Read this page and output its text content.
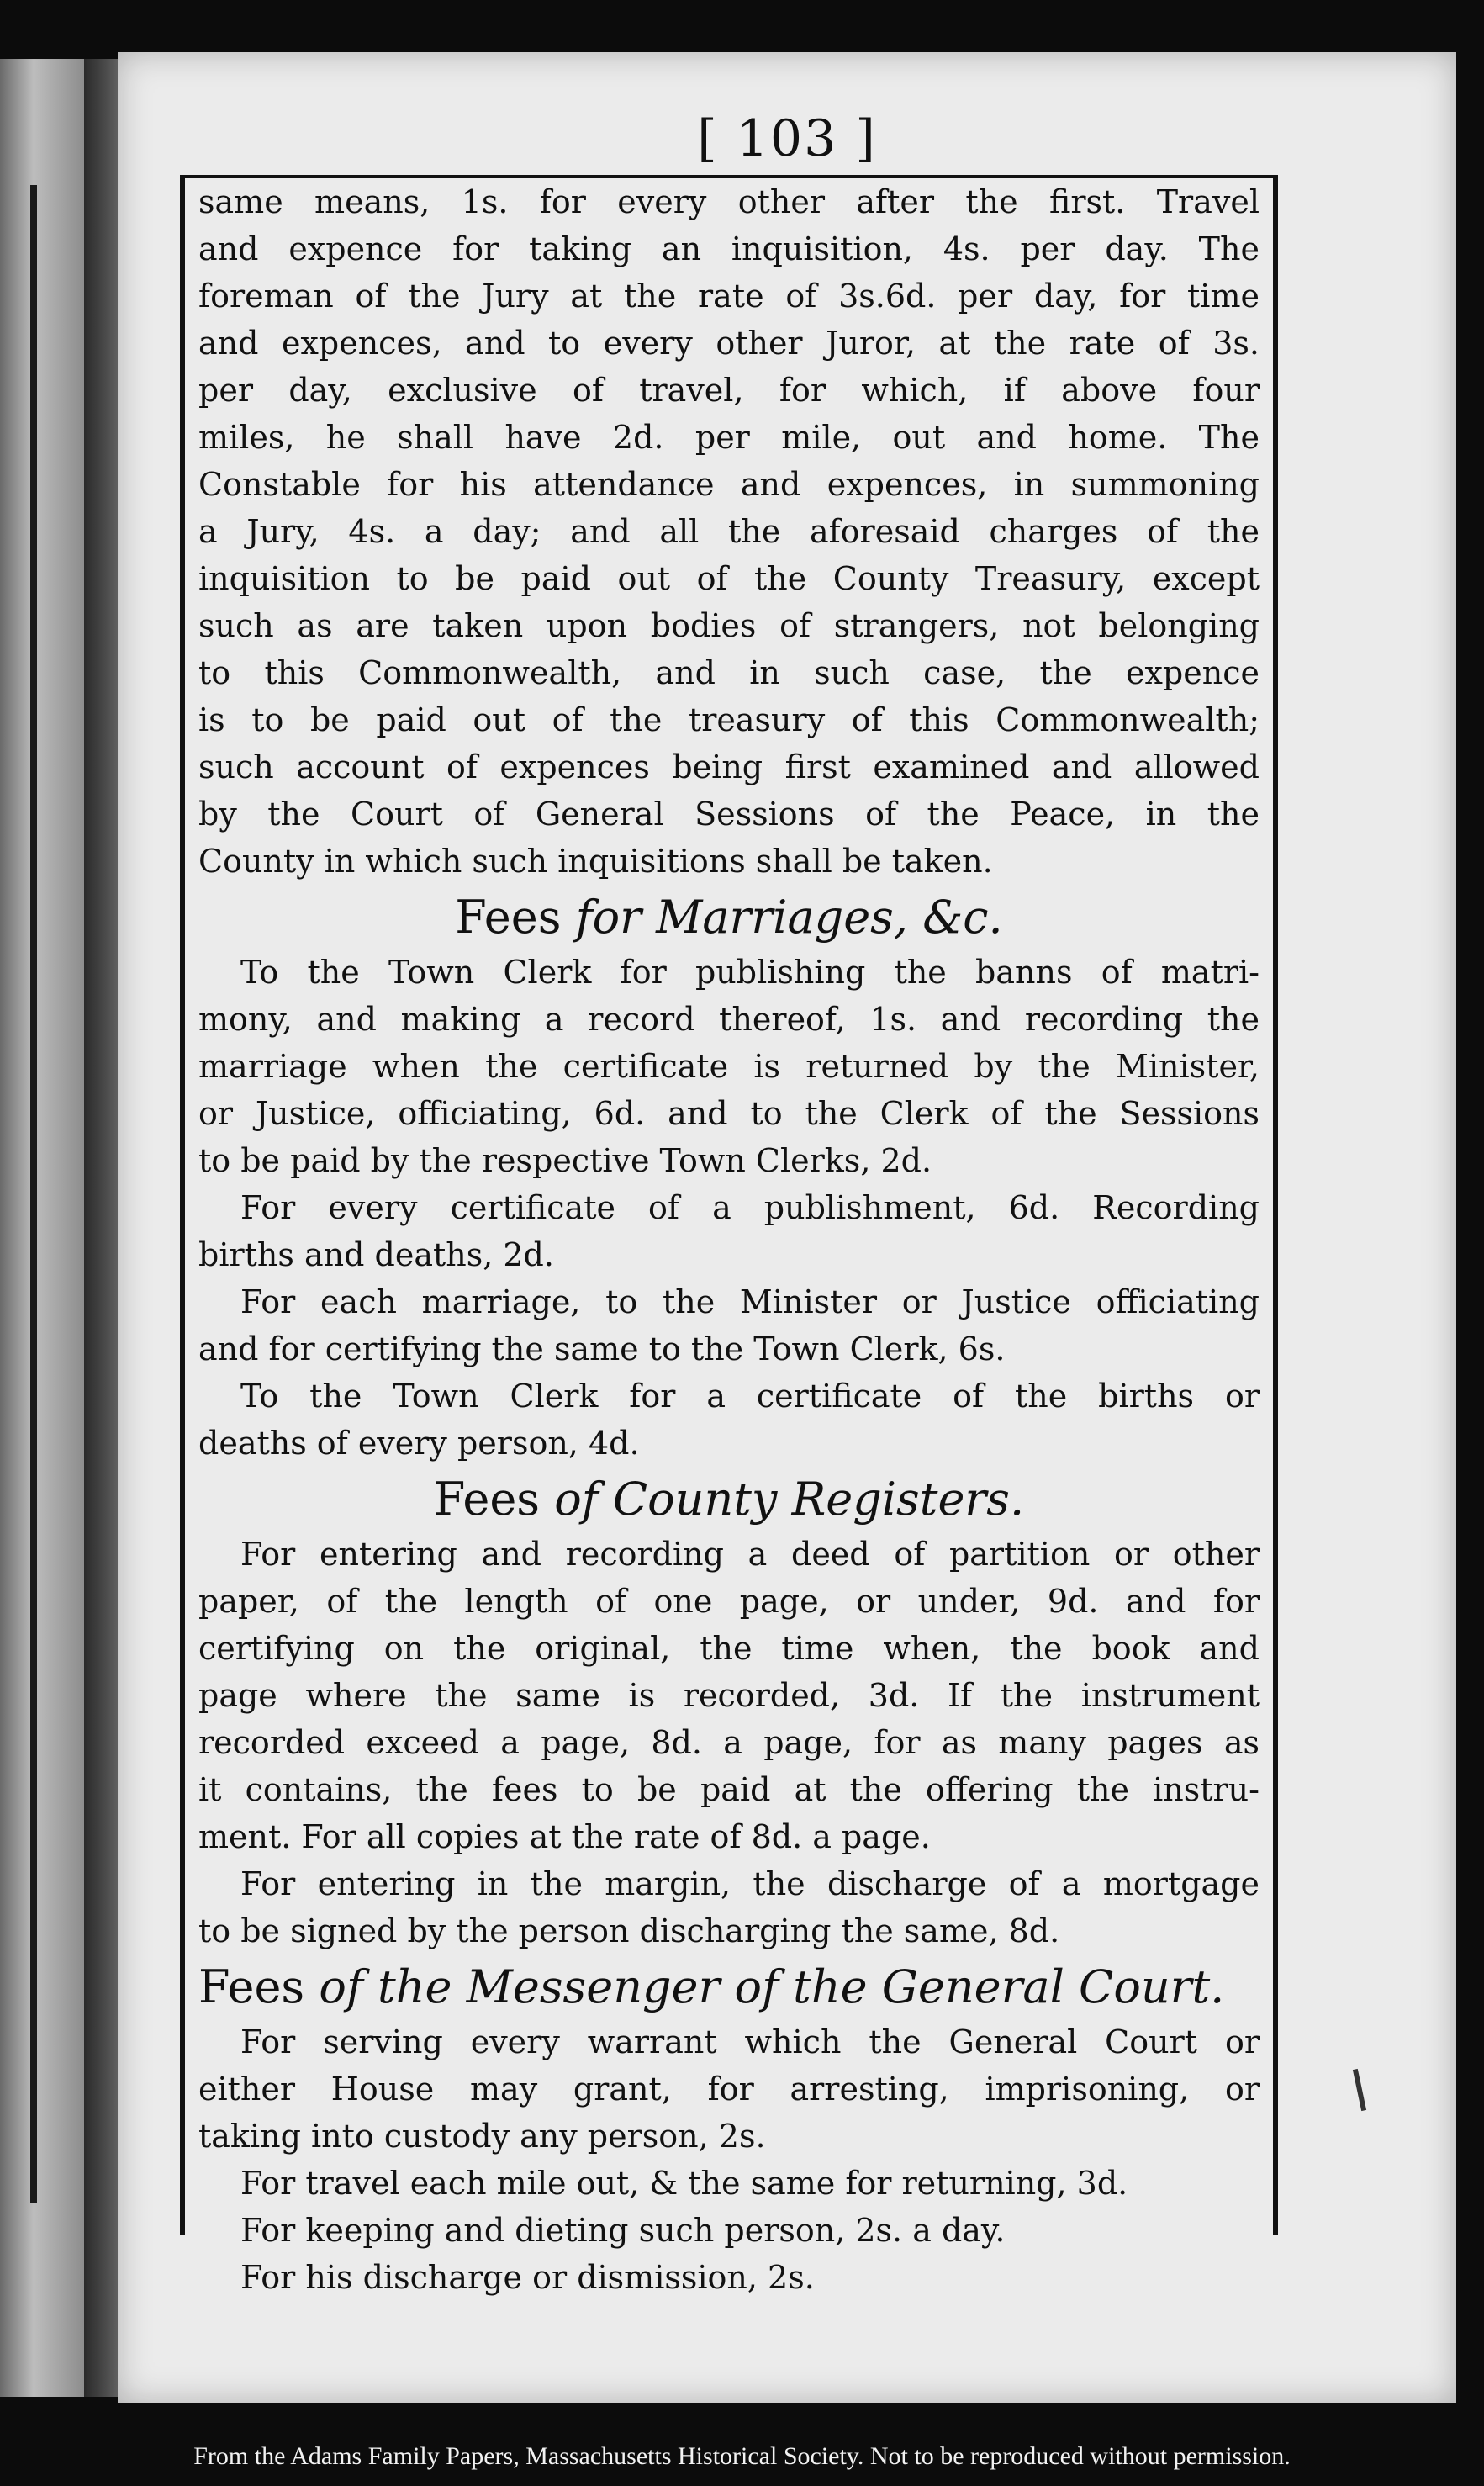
[ 103 ]

same means, 1s. for every other after the first. Travel

and expence for taking an inquisition, 4s. per day. The

foreman of the Jury at the rate of 3s.6d. per day, for time

and expences, and to every other Juror, at the rate of 3s.

per day, exclusive of travel, for which, if above four

miles, he shall have 2d. per mile, out and home. The

Constable for his attendance and expences, in summoning

a Jury, 4s. a day; and all the aforesaid charges of the

inquisition to be paid out of the County Treasury, except

such as are taken upon bodies of strangers, not belonging

to this Commonwealth, and in such case, the expence

is to be paid out of the treasury of this Commonwealth;

such account of expences being first examined and allowed

by the Court of General Sessions of the Peace, in the

County in which such inquisitions shall be taken.

Fees for Marriages, &c.

To the Town Clerk for publishing the banns of matri-

mony, and making a record thereof, 1s. and recording the

marriage when the certificate is returned by the Minister,

or Justice, officiating, 6d. and to the Clerk of the Sessions

to be paid by the respective Town Clerks, 2d.

For every certificate of a publishment, 6d. Recording

births and deaths, 2d.

For each marriage, to the Minister or Justice officiating

and for certifying the same to the Town Clerk, 6s.

To the Town Clerk for a certificate of the births or

deaths of every person, 4d.

Fees of County Registers.

For entering and recording a deed of partition or other

paper, of the length of one page, or under, 9d. and for

certifying on the original, the time when, the book and

page where the same is recorded, 3d. If the instrument

recorded exceed a page, 8d. a page, for as many pages as

it contains, the fees to be paid at the offering the instru-

ment. For all copies at the rate of 8d. a page.

For entering in the margin, the discharge of a mortgage

to be signed by the person discharging the same, 8d.

Fees of the Messenger of the General Court.

For serving every warrant which the General Court or

either House may grant, for arresting, imprisoning, or

taking into custody any person, 2s.

For travel each mile out, & the same for returning, 3d.

For keeping and dieting such person, 2s. a day.

For his discharge or dismission, 2s.

From the Adams Family Papers, Massachusetts Historical Society. Not to be reproduced without permission.
